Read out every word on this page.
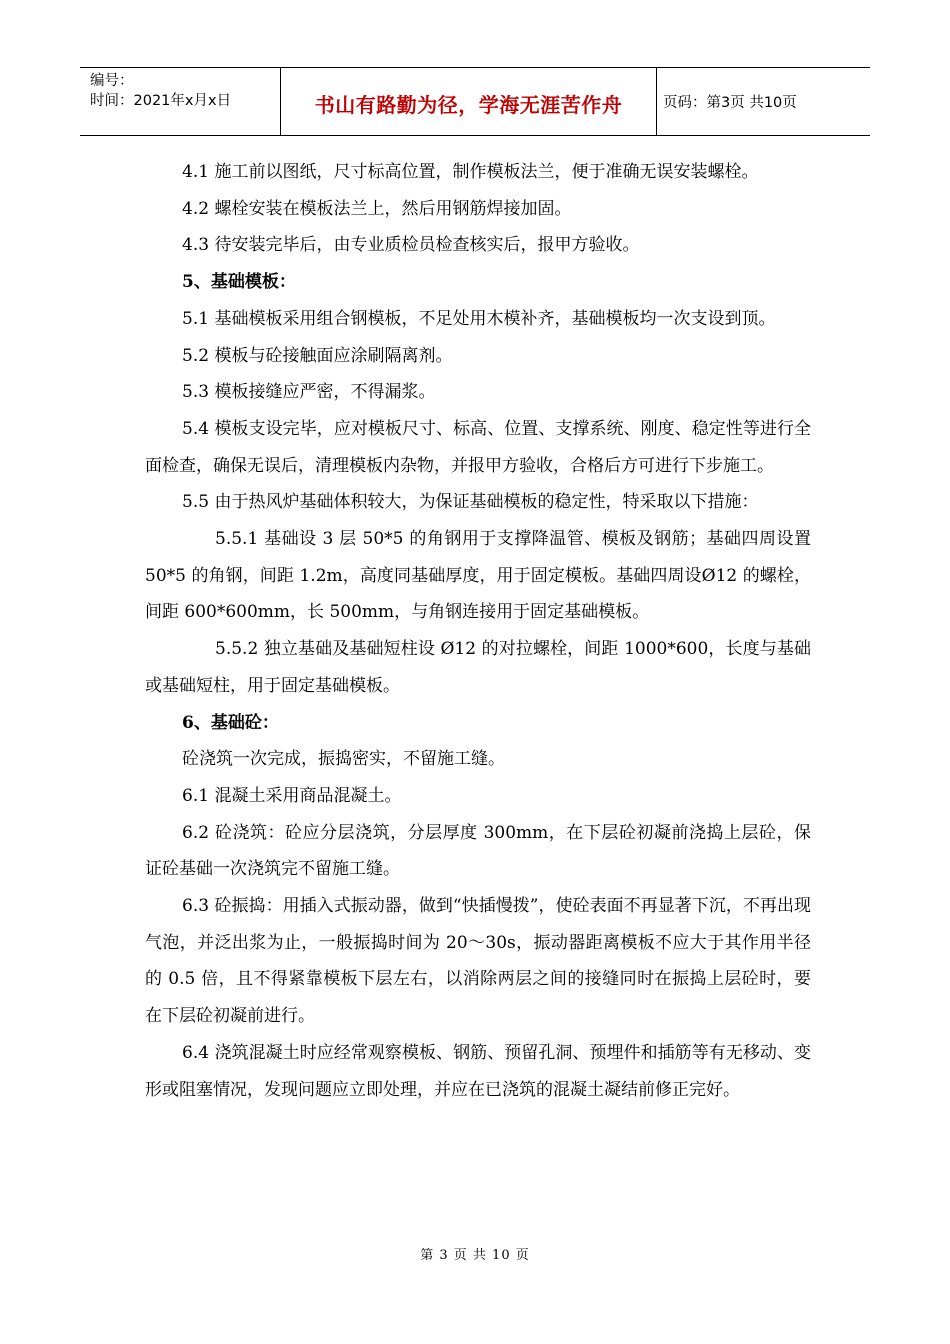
编号：
时间：2021年x月x日	书山有路勤为径，学海无涯苦作舟	页码：第3页 共10页

4.1 施工前以图纸，尺寸标高位置，制作模板法兰，便于准确无误安装螺栓。

4.2 螺栓安装在模板法兰上，然后用钢筋焊接加固。

4.3 待安装完毕后，由专业质检员检查核实后，报甲方验收。

5、基础模板：

5.1 基础模板采用组合钢模板，不足处用木模补齐，基础模板均一次支设到顶。

5.2 模板与砼接触面应涂刷隔离剂。

5.3 模板接缝应严密，不得漏浆。

5.4 模板支设完毕，应对模板尺寸、标高、位置、支撑系统、刚度、稳定性等进行全面检查，确保无误后，清理模板内杂物，并报甲方验收，合格后方可进行下步施工。

5.5 由于热风炉基础体积较大，为保证基础模板的稳定性，特采取以下措施：

5.5.1 基础设 3 层 50*5 的角钢用于支撑降温管、模板及钢筋；基础四周设置 50*5 的角钢，间距 1.2m，高度同基础厚度，用于固定模板。基础四周设Ø12 的螺栓，间距 600*600mm，长 500mm，与角钢连接用于固定基础模板。

5.5.2 独立基础及基础短柱设 Ø12 的对拉螺栓，间距 1000*600，长度与基础或基础短柱，用于固定基础模板。

6、基础砼：

砼浇筑一次完成，振捣密实，不留施工缝。

6.1 混凝土采用商品混凝土。

6.2 砼浇筑：砼应分层浇筑，分层厚度 300mm，在下层砼初凝前浇捣上层砼，保证砼基础一次浇筑完不留施工缝。

6.3 砼振捣：用插入式振动器，做到“快插慢拨”，使砼表面不再显著下沉，不再出现气泡，并泛出浆为止，一般振捣时间为 20～30s，振动器距离模板不应大于其作用半径的 0.5 倍，且不得紧靠模板下层左右，以消除两层之间的接缝同时在振捣上层砼时，要在下层砼初凝前进行。

6.4 浇筑混凝土时应经常观察模板、钢筋、预留孔洞、预埋件和插筋等有无移动、变形或阻塞情况，发现问题应立即处理，并应在已浇筑的混凝土凝结前修正完好。

第 3 页 共 10 页
